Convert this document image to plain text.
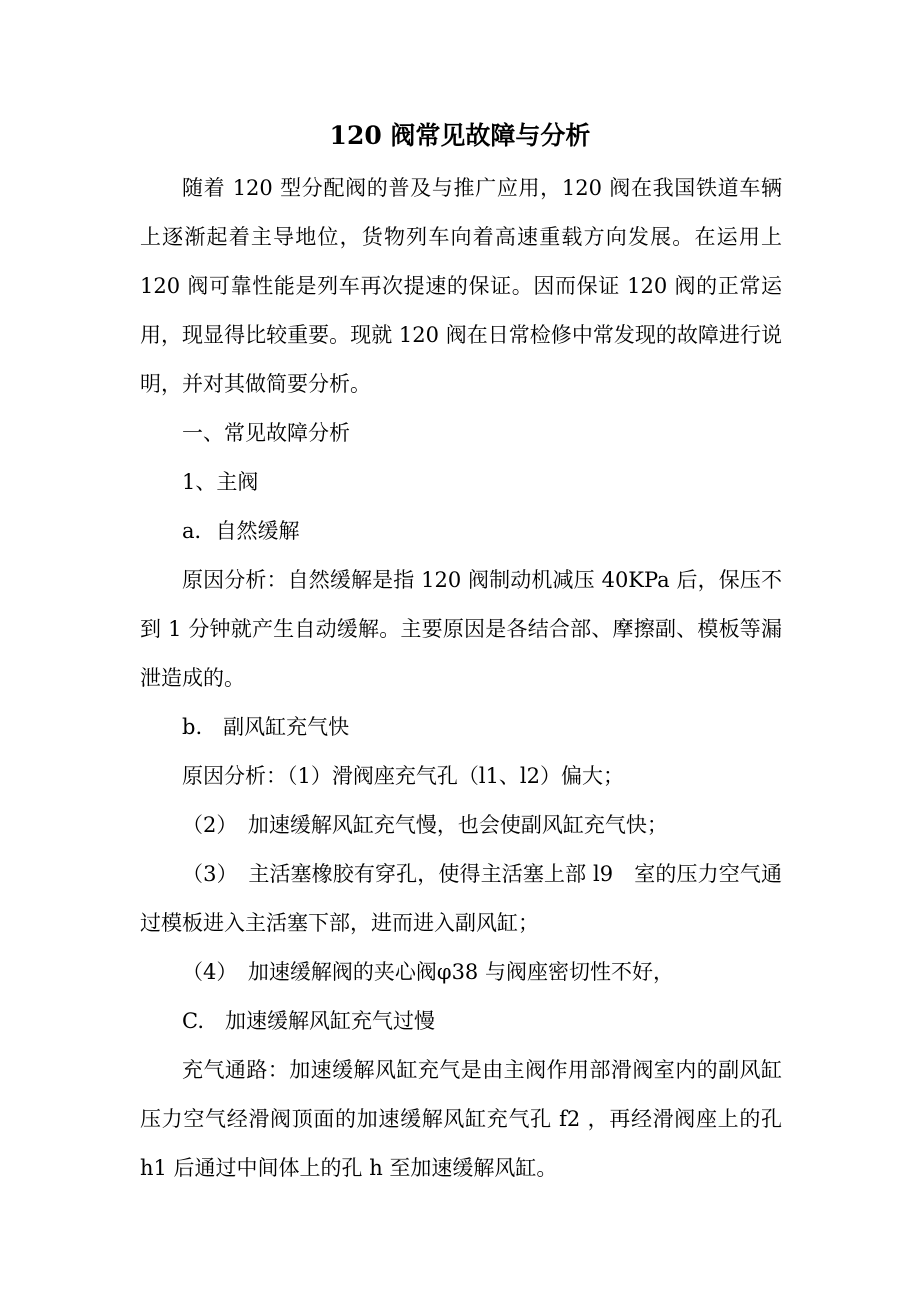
120 阀常见故障与分析

随着 120 型分配阀的普及与推广应用，120 阀在我国铁道车辆上逐渐起着主导地位，货物列车向着高速重载方向发展。在运用上 120 阀可靠性能是列车再次提速的保证。因而保证 120 阀的正常运用，现显得比较重要。现就 120 阀在日常检修中常发现的故障进行说明，并对其做简要分析。

一、常见故障分析

1、主阀

a．自然缓解

原因分析：自然缓解是指 120 阀制动机减压 40KPa 后，保压不到 1 分钟就产生自动缓解。主要原因是各结合部、摩擦副、模板等漏泄造成的。

b.　副风缸充气快

原因分析：（1）滑阀座充气孔（l1、l2）偏大；

（2）　加速缓解风缸充气慢，也会使副风缸充气快；

（3）　主活塞橡胶有穿孔，使得主活塞上部 l9　室的压力空气通过模板进入主活塞下部，进而进入副风缸；

（4）　加速缓解阀的夹心阀φ38 与阀座密切性不好，

C.　加速缓解风缸充气过慢

充气通路：加速缓解风缸充气是由主阀作用部滑阀室内的副风缸压力空气经滑阀顶面的加速缓解风缸充气孔 f2 ，再经滑阀座上的孔 h1 后通过中间体上的孔 h 至加速缓解风缸。
